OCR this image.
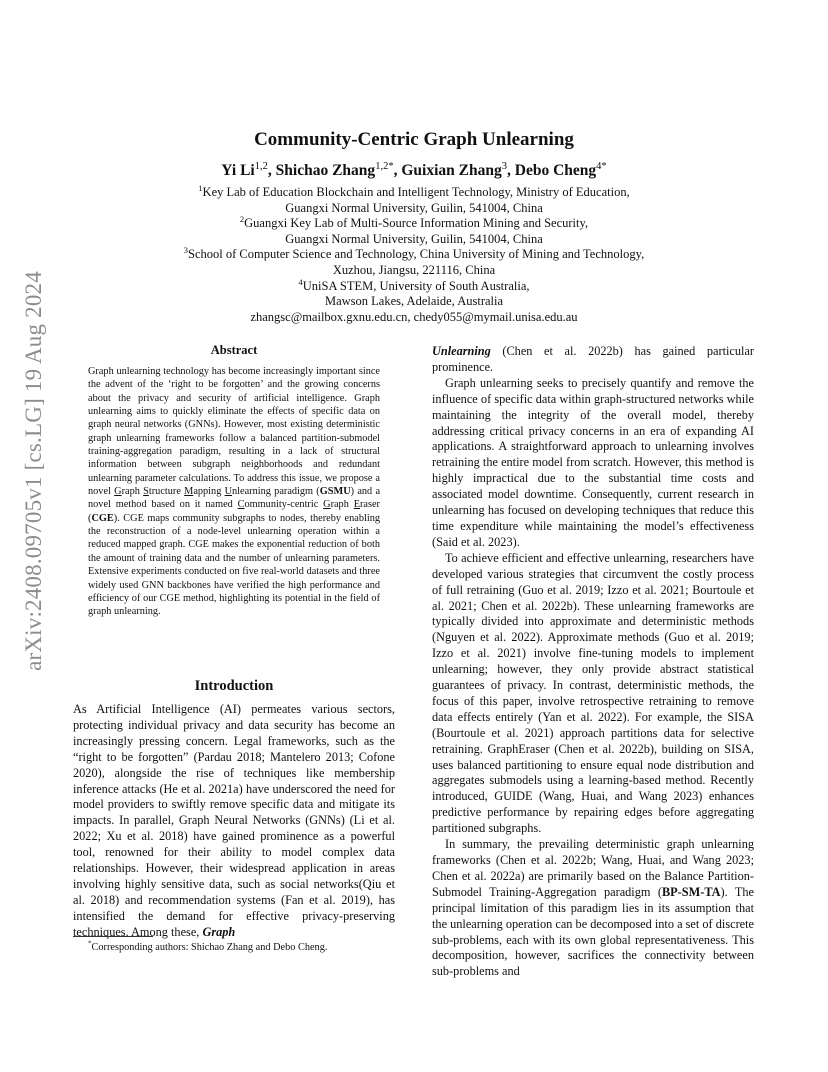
arXiv:2408.09705v1 [cs.LG] 19 Aug 2024
Community-Centric Graph Unlearning
Yi Li$^{1,2}$, Shichao Zhang$^{1,2*}$, Guixian Zhang$^3$, Debo Cheng$^{4*}$
$^1$Key Lab of Education Blockchain and Intelligent Technology, Ministry of Education,
Guangxi Normal University, Guilin, 541004, China
$^2$Guangxi Key Lab of Multi-Source Information Mining and Security,
Guangxi Normal University, Guilin, 541004, China
$^3$School of Computer Science and Technology, China University of Mining and Technology,
Xuzhou, Jiangsu, 221116, China
$^4$UniSA STEM, University of South Australia,
Mawson Lakes, Adelaide, Australia
zhangsc@mailbox.gxnu.edu.cn, chedy055@mymail.unisa.edu.au
Abstract
Graph unlearning technology has become increasingly important since the advent of the ‘right to be forgotten’ and the growing concerns about the privacy and security of artificial intelligence. Graph unlearning aims to quickly eliminate the effects of specific data on graph neural networks (GNNs). However, most existing deterministic graph unlearning frameworks follow a balanced partition-submodel training-aggregation paradigm, resulting in a lack of structural information between subgraph neighborhoods and redundant unlearning parameter calculations. To address this issue, we propose a novel Graph Structure Mapping Unlearning paradigm (GSMU) and a novel method based on it named Community-centric Graph Eraser (CGE). CGE maps community subgraphs to nodes, thereby enabling the reconstruction of a node-level unlearning operation within a reduced mapped graph. CGE makes the exponential reduction of both the amount of training data and the number of unlearning parameters. Extensive experiments conducted on five real-world datasets and three widely used GNN backbones have verified the high performance and efficiency of our CGE method, highlighting its potential in the field of graph unlearning.
Introduction

As Artificial Intelligence (AI) permeates various sectors, protecting individual privacy and data security has become an increasingly pressing concern. Legal frameworks, such as the “right to be forgotten” (Pardau 2018; Mantelero 2013; Cofone 2020), alongside the rise of techniques like membership inference attacks (He et al. 2021a) have underscored the need for model providers to swiftly remove specific data and mitigate its impacts. In parallel, Graph Neural Networks (GNNs) (Li et al. 2022; Xu et al. 2018) have gained prominence as a powerful tool, renowned for their ability to model complex data relationships. However, their widespread application in areas involving highly sensitive data, such as social networks(Qiu et al. 2018) and recommendation systems (Fan et al. 2019), has intensified the demand for effective privacy-preserving techniques. Among these, Graph

Unlearning (Chen et al. 2022b) has gained particular prominence.

Graph unlearning seeks to precisely quantify and remove the influence of specific data within graph-structured networks while maintaining the integrity of the overall model, thereby addressing critical privacy concerns in an era of expanding AI applications. A straightforward approach to unlearning involves retraining the entire model from scratch. However, this method is highly impractical due to the substantial time costs and associated model downtime. Consequently, current research in unlearning has focused on developing techniques that reduce this time expenditure while maintaining the model’s effectiveness (Said et al. 2023).

To achieve efficient and effective unlearning, researchers have developed various strategies that circumvent the costly process of full retraining (Guo et al. 2019; Izzo et al. 2021; Bourtoule et al. 2021; Chen et al. 2022b). These unlearning frameworks are typically divided into approximate and deterministic methods (Nguyen et al. 2022). Approximate methods (Guo et al. 2019; Izzo et al. 2021) involve fine-tuning models to implement unlearning; however, they only provide abstract statistical guarantees of privacy. In contrast, deterministic methods, the focus of this paper, involve retrospective retraining to remove data effects entirely (Yan et al. 2022). For example, the SISA (Bourtoule et al. 2021) approach partitions data for selective retraining. GraphEraser (Chen et al. 2022b), building on SISA, uses balanced partitioning to ensure equal node distribution and aggregates submodels using a learning-based method. Recently introduced, GUIDE (Wang, Huai, and Wang 2023) enhances predictive performance by repairing edges before aggregating partitioned subgraphs.

In summary, the prevailing deterministic graph unlearning frameworks (Chen et al. 2022b; Wang, Huai, and Wang 2023; Chen et al. 2022a) are primarily based on the Balance Partition-Submodel Training-Aggregation paradigm (BP-SM-TA). The principal limitation of this paradigm lies in its assumption that the unlearning operation can be decomposed into a set of discrete sub-problems, each with its own global representativeness. This decomposition, however, sacrifices the connectivity between sub-problems and

*Corresponding authors: Shichao Zhang and Debo Cheng.
